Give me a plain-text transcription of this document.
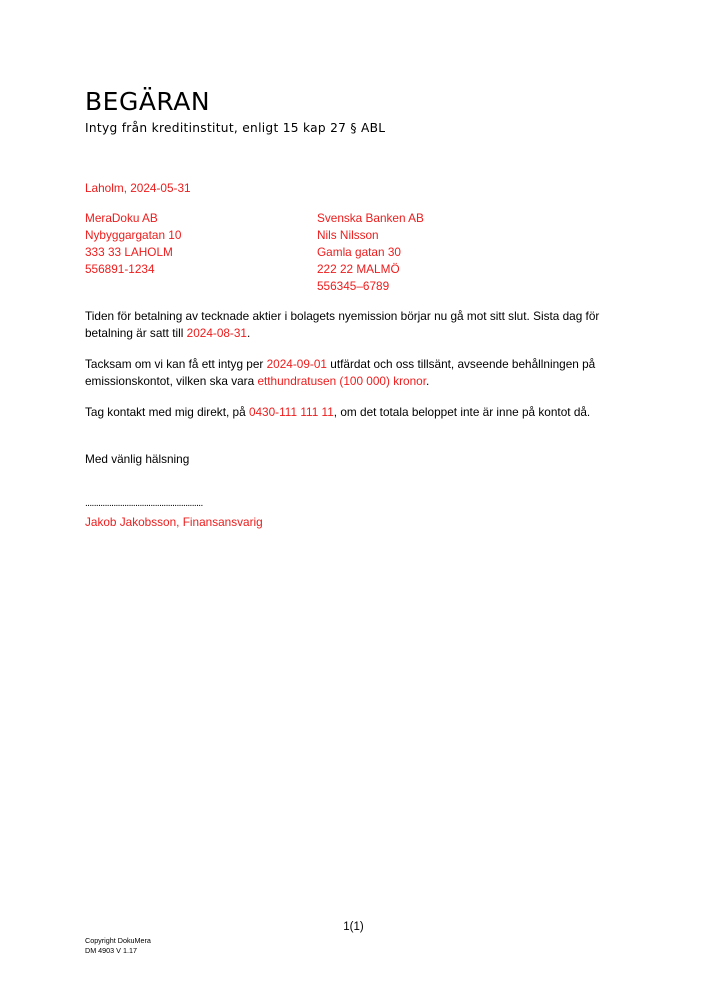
BEGÄRAN
Intyg från kreditinstitut, enligt 15 kap 27 § ABL
Laholm, 2024-05-31
MeraDoku AB
Nybyggargatan 10
333 33 LAHOLM
556891-1234
Svenska Banken AB
Nils Nilsson
Gamla gatan 30
222 22 MALMÖ
556345–6789
Tiden för betalning av tecknade aktier i bolagets nyemission börjar nu gå mot sitt slut. Sista dag för betalning är satt till 2024-08-31.
Tacksam om vi kan få ett intyg per 2024-09-01 utfärdat och oss tillsänt, avseende behållningen på emissionskontot, vilken ska vara etthundratusen (100 000) kronor.
Tag kontakt med mig direkt, på 0430-111 111 11, om det totala beloppet inte är inne på kontot då.
Med vänlig hälsning
......................................................
Jakob Jakobsson, Finansansvarig
1(1)
Copyright DokuMera
DM 4903 V 1.17
